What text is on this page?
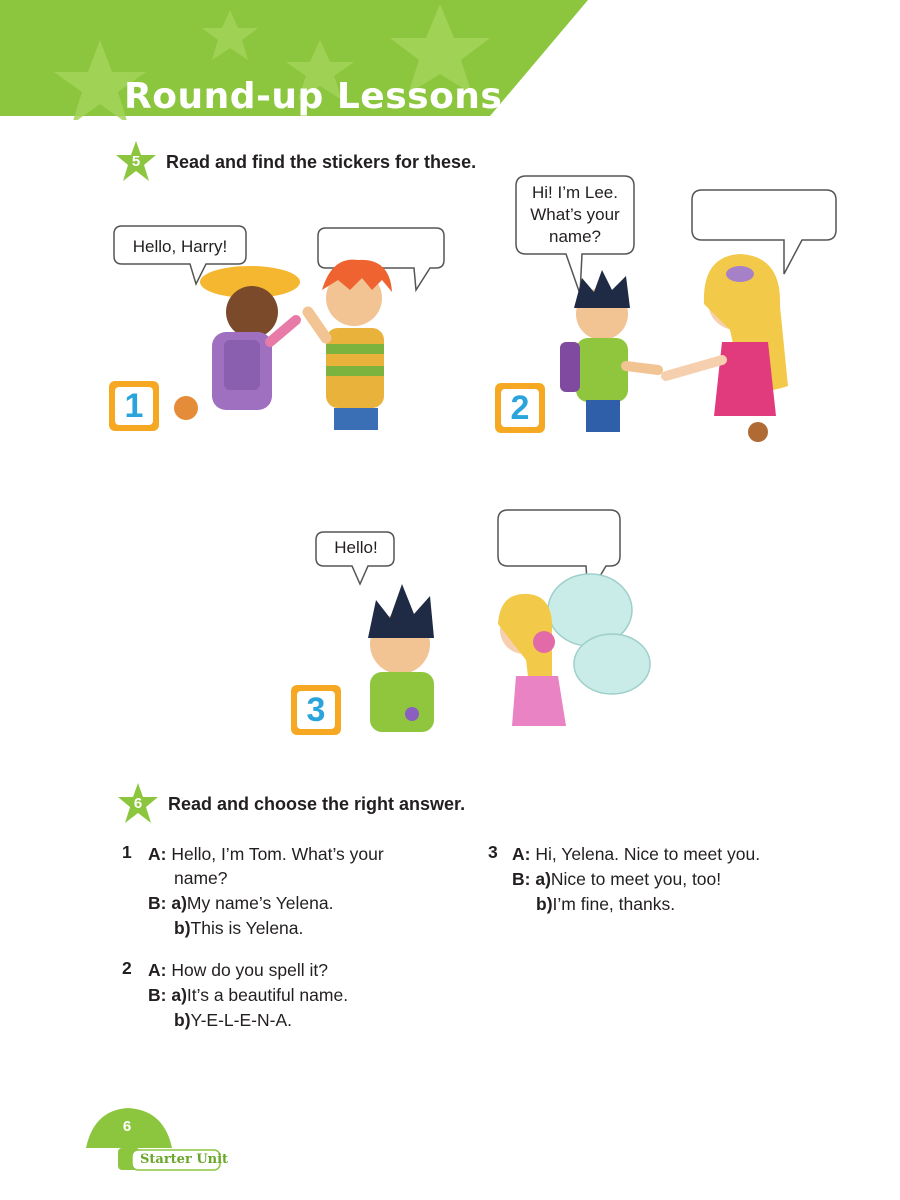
Round-up Lessons
5	Read and find the stickers for these.
Hello, Harry!
1
Hi! I’m Lee.
What’s your
name?
2
Hello!
3
6	Read and choose the right answer.
1 A: Hello, I’m Tom. What’s your
name?
B: a)My name’s Yelena.
b)This is Yelena.
2 A: How do you spell it?
B: a)It’s a beautiful name.
b)Y-E-L-E-N-A.
3 A: Hi, Yelena. Nice to meet you.
B: a)Nice to meet you, too!
b)I’m fine, thanks.
6
Starter Unit
